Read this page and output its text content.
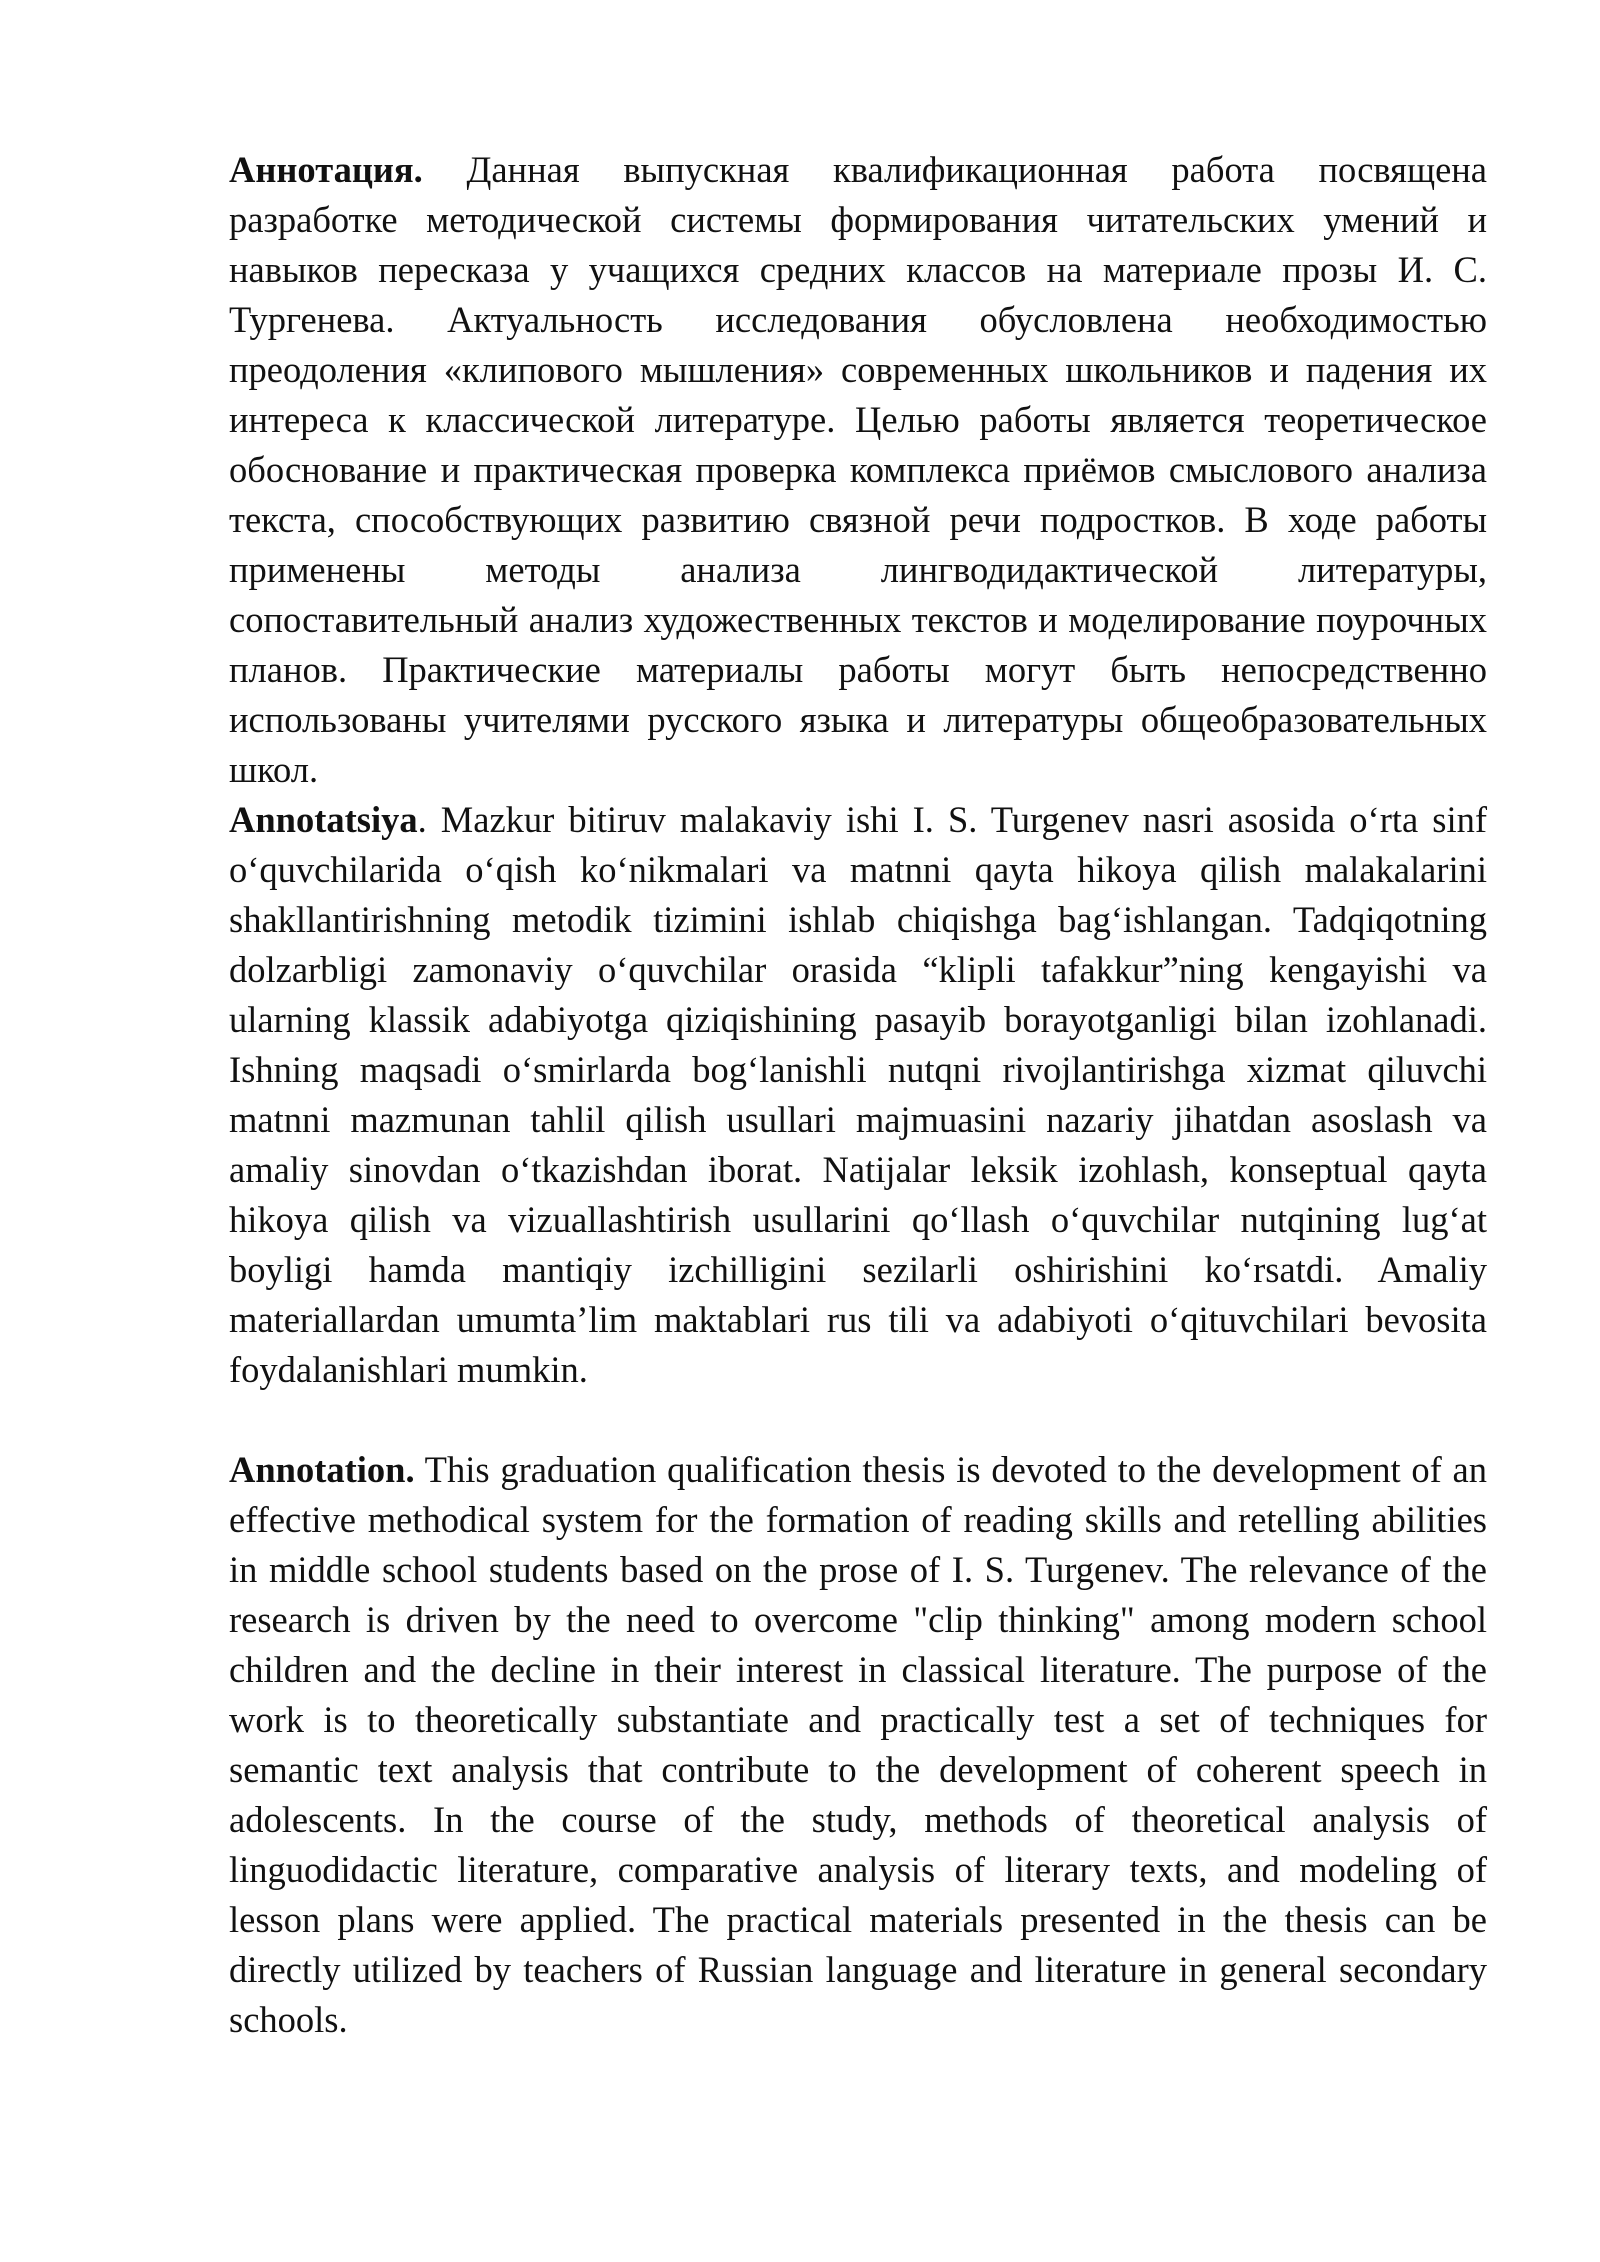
Аннотация. Данная выпускная квалификационная работа посвящена разработке методической системы формирования читательских умений и навыков пересказа у учащихся средних классов на материале прозы И. С. Тургенева. Актуальность исследования обусловлена необходимостью преодоления «клипового мышления» современных школьников и падения их интереса к классической литературе. Целью работы является теоретическое обоснование и практическая проверка комплекса приёмов смыслового анализа текста, способствующих развитию связной речи подростков. В ходе работы применены методы анализа лингводидактической литературы, сопоставительный анализ художественных текстов и моделирование поурочных планов. Практические материалы работы могут быть непосредственно использованы учителями русского языка и литературы общеобразовательных школ.

Annotatsiya. Mazkur bitiruv malakaviy ishi I. S. Turgenev nasri asosida o‘rta sinf o‘quvchilarida o‘qish ko‘nikmalari va matnni qayta hikoya qilish malakalarini shakllantirishning metodik tizimini ishlab chiqishga bag‘ishlangan. Tadqiqotning dolzarbligi zamonaviy o‘quvchilar orasida “klipli tafakkur”ning kengayishi va ularning klassik adabiyotga qiziqishining pasayib borayotganligi bilan izohlanadi. Ishning maqsadi o‘smirlarda bog‘lanishli nutqni rivojlantirishga xizmat qiluvchi matnni mazmunan tahlil qilish usullari majmuasini nazariy jihatdan asoslash va amaliy sinovdan o‘tkazishdan iborat. Natijalar leksik izohlash, konseptual qayta hikoya qilish va vizuallashtirish usullarini qo‘llash o‘quvchilar nutqining lug‘at boyligi hamda mantiqiy izchilligini sezilarli oshirishini ko‘rsatdi. Amaliy materiallardan umumta’lim maktablari rus tili va adabiyoti o‘qituvchilari bevosita foydalanishlari mumkin.

Annotation. This graduation qualification thesis is devoted to the development of an effective methodical system for the formation of reading skills and retelling abilities in middle school students based on the prose of I. S. Turgenev. The relevance of the research is driven by the need to overcome "clip thinking" among modern school children and the decline in their interest in classical literature. The purpose of the work is to theoretically substantiate and practically test a set of techniques for semantic text analysis that contribute to the development of coherent speech in adolescents. In the course of the study, methods of theoretical analysis of linguodidactic literature, comparative analysis of literary texts, and modeling of lesson plans were applied. The practical materials presented in the thesis can be directly utilized by teachers of Russian language and literature in general secondary schools.
